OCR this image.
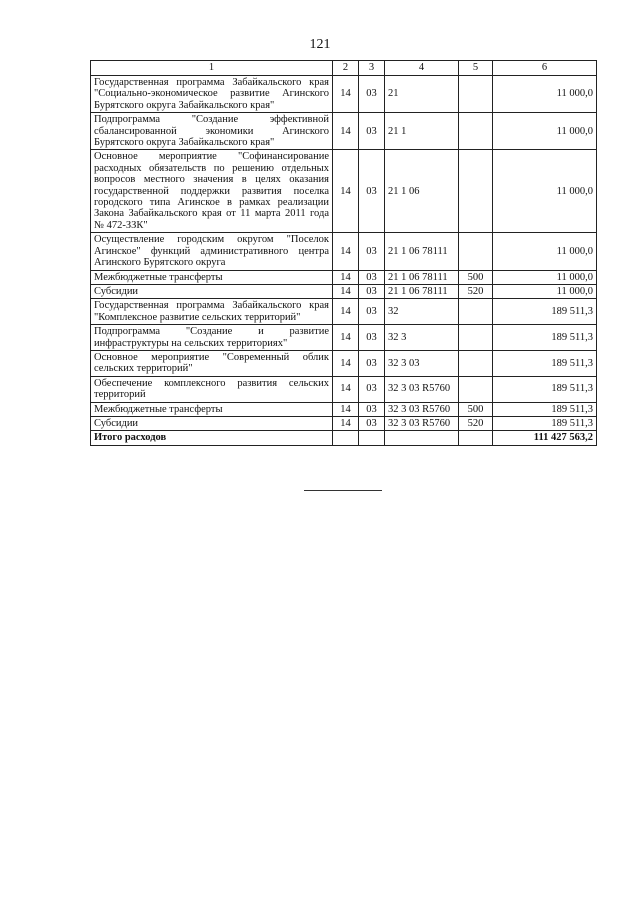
121
1	2	3	4	5	6
Государственная программа Забайкальского края "Социально-экономическое развитие Агинского Бурятского округа Забайкальского края"	14	03	21		11 000,0
Подпрограмма "Создание эффективной сбалансированной экономики Агинского Бурятского округа Забайкальского края"	14	03	21 1		11 000,0
Основное мероприятие "Софинансирование расходных обязательств по решению отдельных вопросов местного значения в целях оказания государственной поддержки развития поселка городского типа Агинское в рамках реализации Закона Забайкальского края от 11 марта 2011 года № 472-ЗЗК"	14	03	21 1 06		11 000,0
Осуществление городским округом "Поселок Агинское" функций административного центра Агинского Бурятского округа	14	03	21 1 06 78111		11 000,0
Межбюджетные трансферты	14	03	21 1 06 78111	500	11 000,0
Субсидии	14	03	21 1 06 78111	520	11 000,0
Государственная программа Забайкальского края "Комплексное развитие сельских территорий"	14	03	32		189 511,3
Подпрограмма "Создание и развитие инфраструктуры на сельских территориях"	14	03	32 3		189 511,3
Основное мероприятие "Современный облик сельских территорий"	14	03	32 3 03		189 511,3
Обеспечение комплексного развития сельских территорий	14	03	32 3 03 R5760		189 511,3
Межбюджетные трансферты	14	03	32 3 03 R5760	500	189 511,3
Субсидии	14	03	32 3 03 R5760	520	189 511,3
Итого расходов					111 427 563,2
